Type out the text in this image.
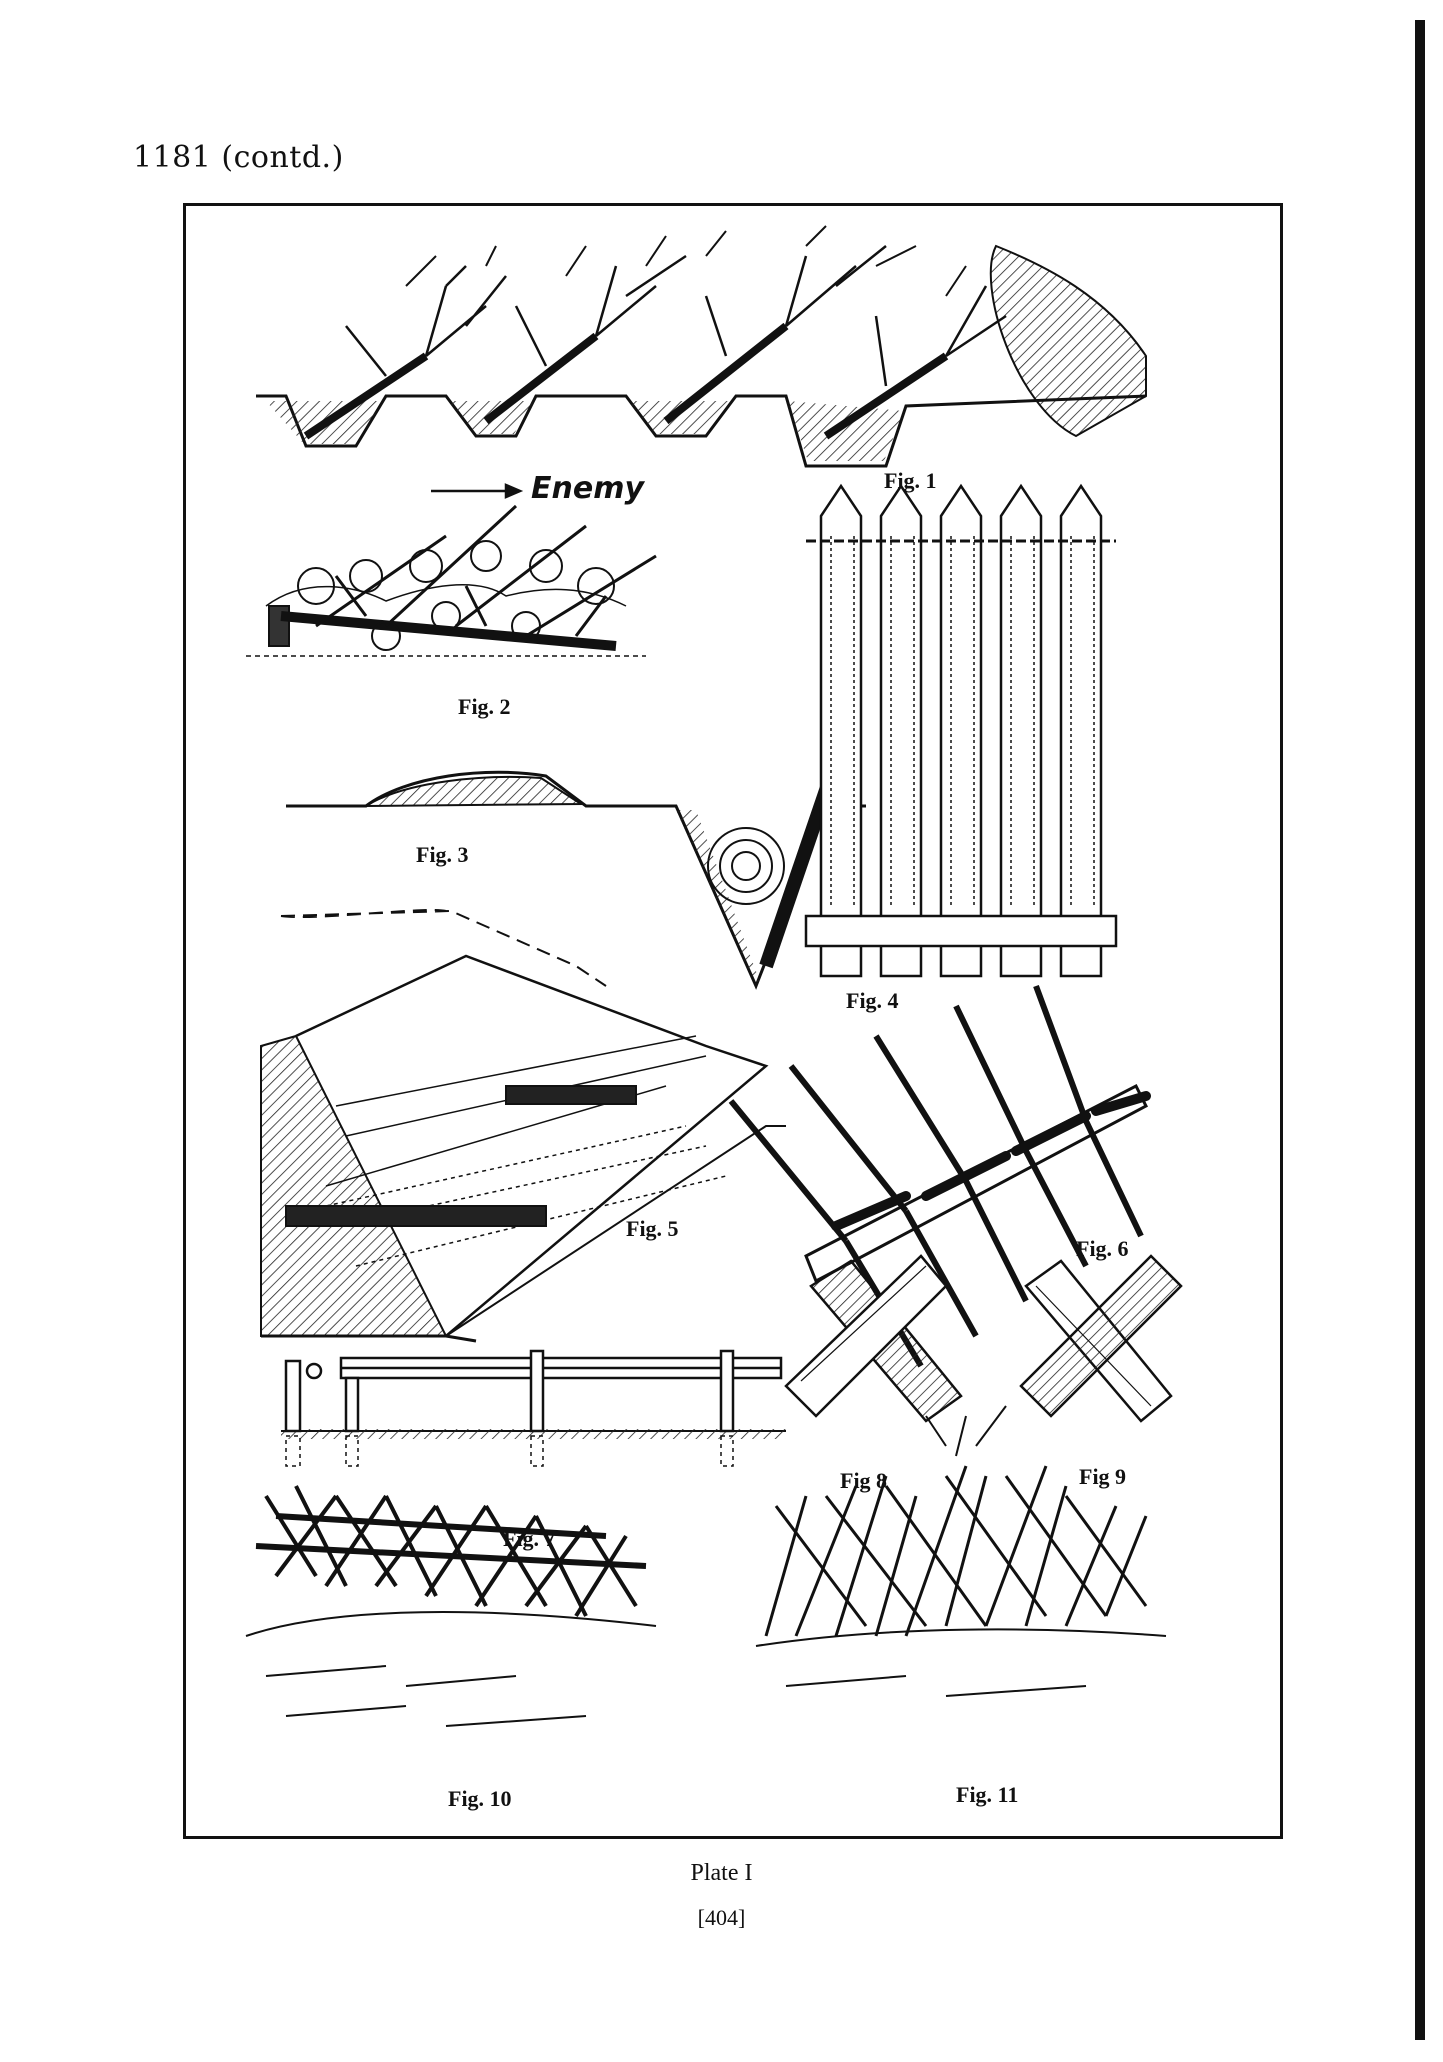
1181 (contd.)
Enemy	Fig. 1
Fig. 2
Fig. 3
Fig. 4
Fig. 5
Fig. 6
Fig. 7
Fig 8	Fig 9
Fig. 10	Fig. 11
Plate I
[404]
